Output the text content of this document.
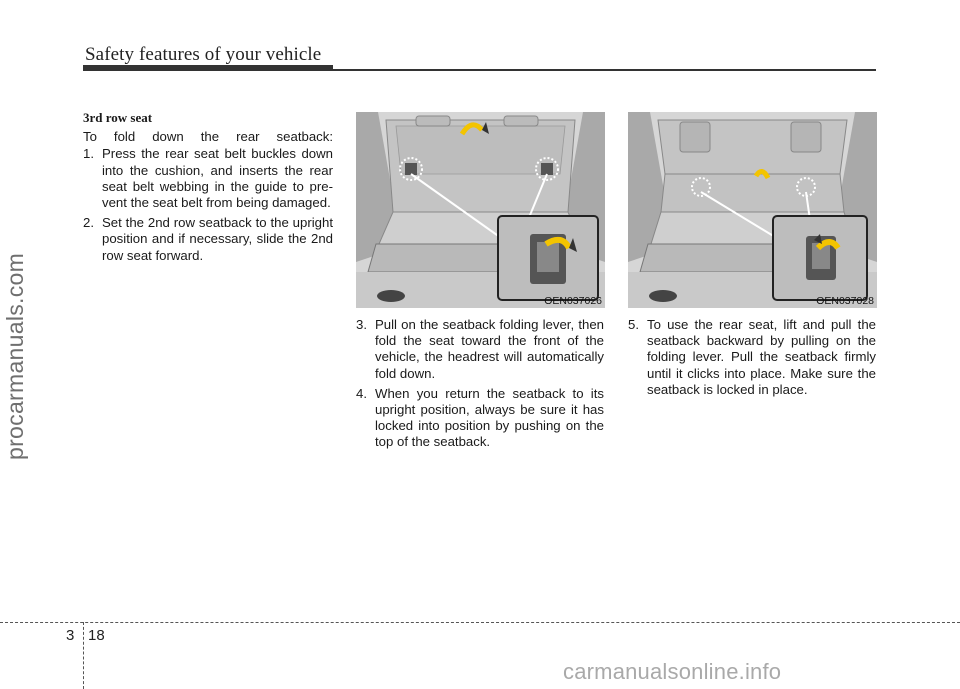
Safety features of your vehicle
procarmanuals.com
3rd row seat
To fold down the rear seatback:
1. Press the rear seat belt buckles down into the cushion, and inserts the rear seat belt webbing in the guide to pre-vent the seat belt from being damaged.
2. Set the 2nd row seatback to the upright position and if necessary, slide the 2nd row seat forward.
OEN037026	OEN037028
3. Pull on the seatback folding lever, then fold the seat toward the front of the vehicle, the headrest will automatically fold down.
4. When you return the seatback to its upright position, always be sure it has locked into position by pushing on the top of the seatback.
5. To use the rear seat, lift and pull the seatback backward by pulling on the folding lever. Pull the seatback firmly until it clicks into place. Make sure the seatback is locked in place.
3 18
carmanualsonline.info
